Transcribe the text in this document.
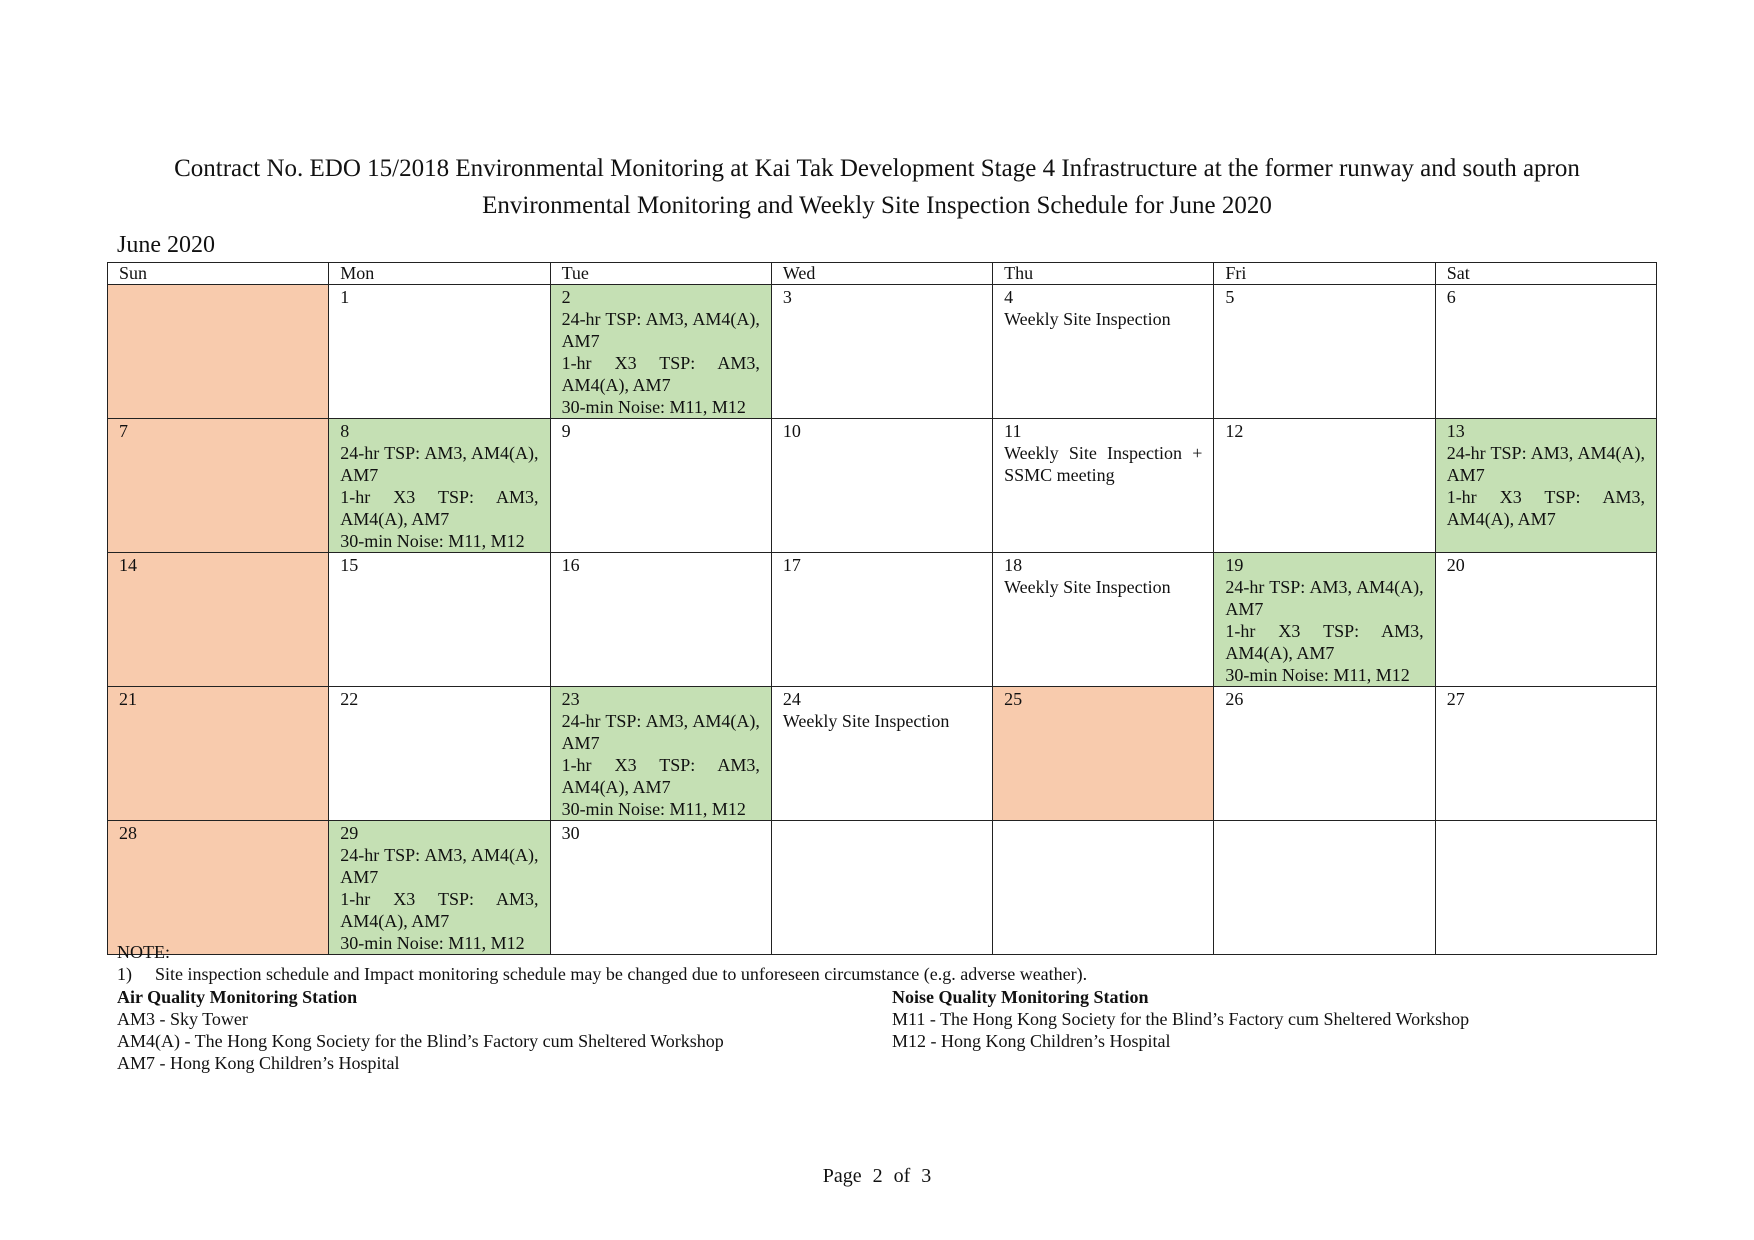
Contract No. EDO 15/2018 Environmental Monitoring at Kai Tak Development Stage 4 Infrastructure at the former runway and south apron
Environmental Monitoring and Weekly Site Inspection Schedule for June 2020
June 2020
Sun	Mon	Tue	Wed	Thu	Fri	Sat

	1	2
24-hr TSP: AM3, AM4(A), AM7
1-hr X3 TSP: AM3, AM4(A), AM7
30-min Noise: M11, M12	3	4
Weekly Site Inspection	5	6

7	8
24-hr TSP: AM3, AM4(A), AM7
1-hr X3 TSP: AM3, AM4(A), AM7
30-min Noise: M11, M12	9	10	11
Weekly Site Inspection + SSMC meeting	12	13
24-hr TSP: AM3, AM4(A), AM7
1-hr X3 TSP: AM3, AM4(A), AM7

14	15	16	17	18
Weekly Site Inspection	19
24-hr TSP: AM3, AM4(A), AM7
1-hr X3 TSP: AM3, AM4(A), AM7
30-min Noise: M11, M12	20

21	22	23
24-hr TSP: AM3, AM4(A), AM7
1-hr X3 TSP: AM3, AM4(A), AM7
30-min Noise: M11, M12	24
Weekly Site Inspection	25	26	27

28	29
24-hr TSP: AM3, AM4(A), AM7
1-hr X3 TSP: AM3, AM4(A), AM7
30-min Noise: M11, M12	30				

NOTE:

1) Site inspection schedule and Impact monitoring schedule may be changed due to unforeseen circumstance (e.g. adverse weather).

Air Quality Monitoring Station

AM3 - Sky Tower

AM4(A) - The Hong Kong Society for the Blind’s Factory cum Sheltered Workshop

AM7 - Hong Kong Children’s Hospital

Noise Quality Monitoring Station

M11 - The Hong Kong Society for the Blind’s Factory cum Sheltered Workshop

M12 - Hong Kong Children’s Hospital

Page 2 of 3
